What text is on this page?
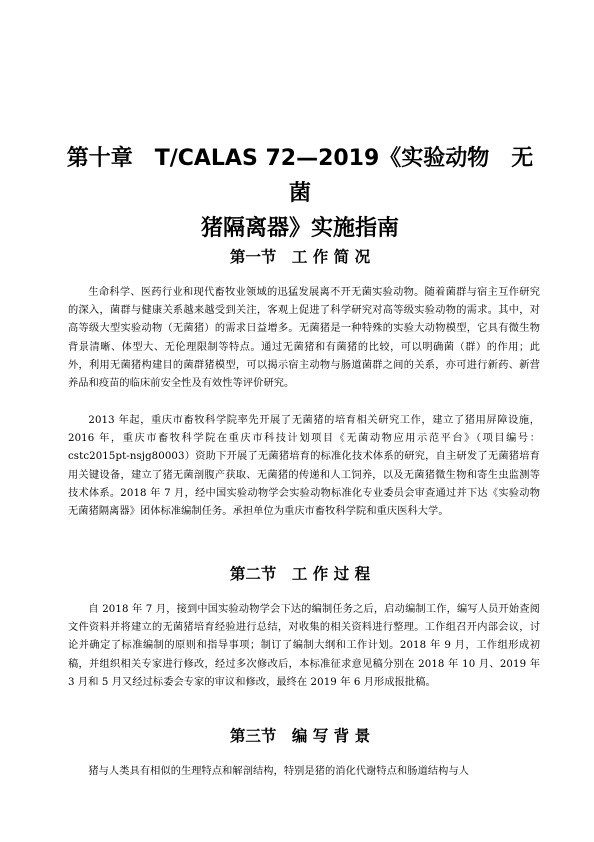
第十章　T/CALAS 72—2019《实验动物　无菌
猪隔离器》实施指南
第一节　工 作 简 况

生命科学、医药行业和现代畜牧业领域的迅猛发展离不开无菌实验动物。随着菌群与宿主互作研究的深入，菌群与健康关系越来越受到关注，客观上促进了科学研究对高等级实验动物的需求。其中，对高等级大型实验动物（无菌猪）的需求日益增多。无菌猪是一种特殊的实验大动物模型，它具有微生物背景清晰、体型大、无伦理限制等特点。通过无菌猪和有菌猪的比较，可以明确菌（群）的作用；此外，利用无菌猪构建目的菌群猪模型，可以揭示宿主动物与肠道菌群之间的关系，亦可进行新药、新营养品和疫苗的临床前安全性及有效性等评价研究。

2013 年起，重庆市畜牧科学院率先开展了无菌猪的培育相关研究工作，建立了猪用屏障设施，2016 年，重庆市畜牧科学院在重庆市科技计划项目《无菌动物应用示范平台》（项目编号：cstc2015pt-nsjg80003）资助下开展了无菌猪培育的标准化技术体系的研究，自主研发了无菌猪培育用关键设备，建立了猪无菌剖腹产获取、无菌猪的传递和人工饲养，以及无菌猪微生物和寄生虫监测等技术体系。2018 年 7 月，经中国实验动物学会实验动物标准化专业委员会审查通过并下达《实验动物　无菌猪隔离器》团体标准编制任务。承担单位为重庆市畜牧科学院和重庆医科大学。

第二节　工 作 过 程

自 2018 年 7 月，接到中国实验动物学会下达的编制任务之后，启动编制工作，编写人员开始查阅文件资料并将建立的无菌猪培育经验进行总结，对收集的相关资料进行整理。工作组召开内部会议，讨论并确定了标准编制的原则和指导事项；制订了编制大纲和工作计划。2018 年 9 月，工作组形成初稿，并组织相关专家进行修改，经过多次修改后，本标准征求意见稿分别在 2018 年 10 月、2019 年 3 月和 5 月又经过标委会专家的审议和修改，最终在 2019 年 6 月形成报批稿。

第三节　编 写 背 景

猪与人类具有相似的生理特点和解剖结构，特别是猪的消化代谢特点和肠道结构与人
